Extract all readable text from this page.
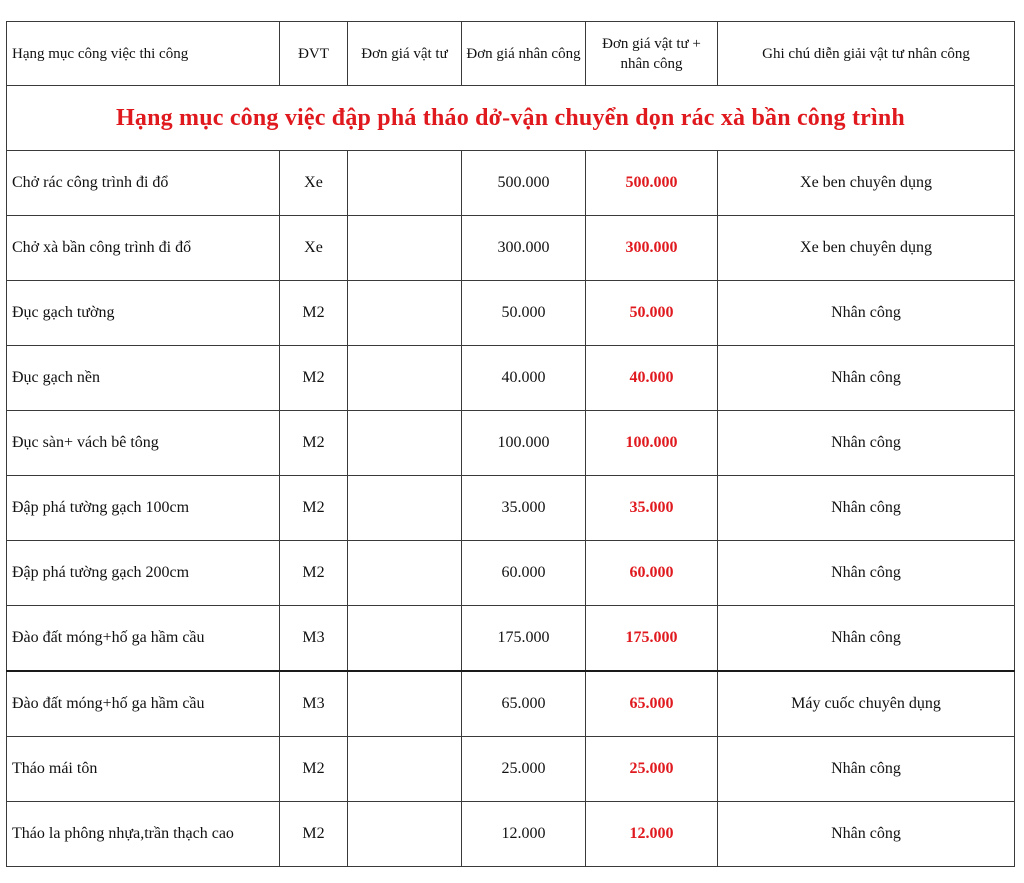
Hạng mục công việc thi công	ĐVT	Đơn giá vật tư	Đơn giá nhân công	Đơn giá vật tư + nhân công	Ghi chú diễn giải vật tư nhân công
Hạng mục công việc đập phá tháo dở-vận chuyển dọn rác xà bần công trình					
Chở rác công trình đi đổ	Xe		500.000	500.000	Xe ben chuyên dụng
Chở xà bần công trình đi đổ	Xe		300.000	300.000	Xe ben chuyên dụng
Đục gạch tường	M2		50.000	50.000	Nhân công
Đục gạch nền	M2		40.000	40.000	Nhân công
Đục sàn+ vách bê tông	M2		100.000	100.000	Nhân công
Đập phá tường gạch 100cm	M2		35.000	35.000	Nhân công
Đập phá tường gạch 200cm	M2		60.000	60.000	Nhân công
Đào đất móng+hố ga hầm cầu	M3		175.000	175.000	Nhân công
Đào đất móng+hố ga hầm cầu	M3		65.000	65.000	Máy cuốc chuyên dụng
Tháo mái tôn	M2		25.000	25.000	Nhân công
Tháo la phông nhựa,trần thạch cao	M2		12.000	12.000	Nhân công
